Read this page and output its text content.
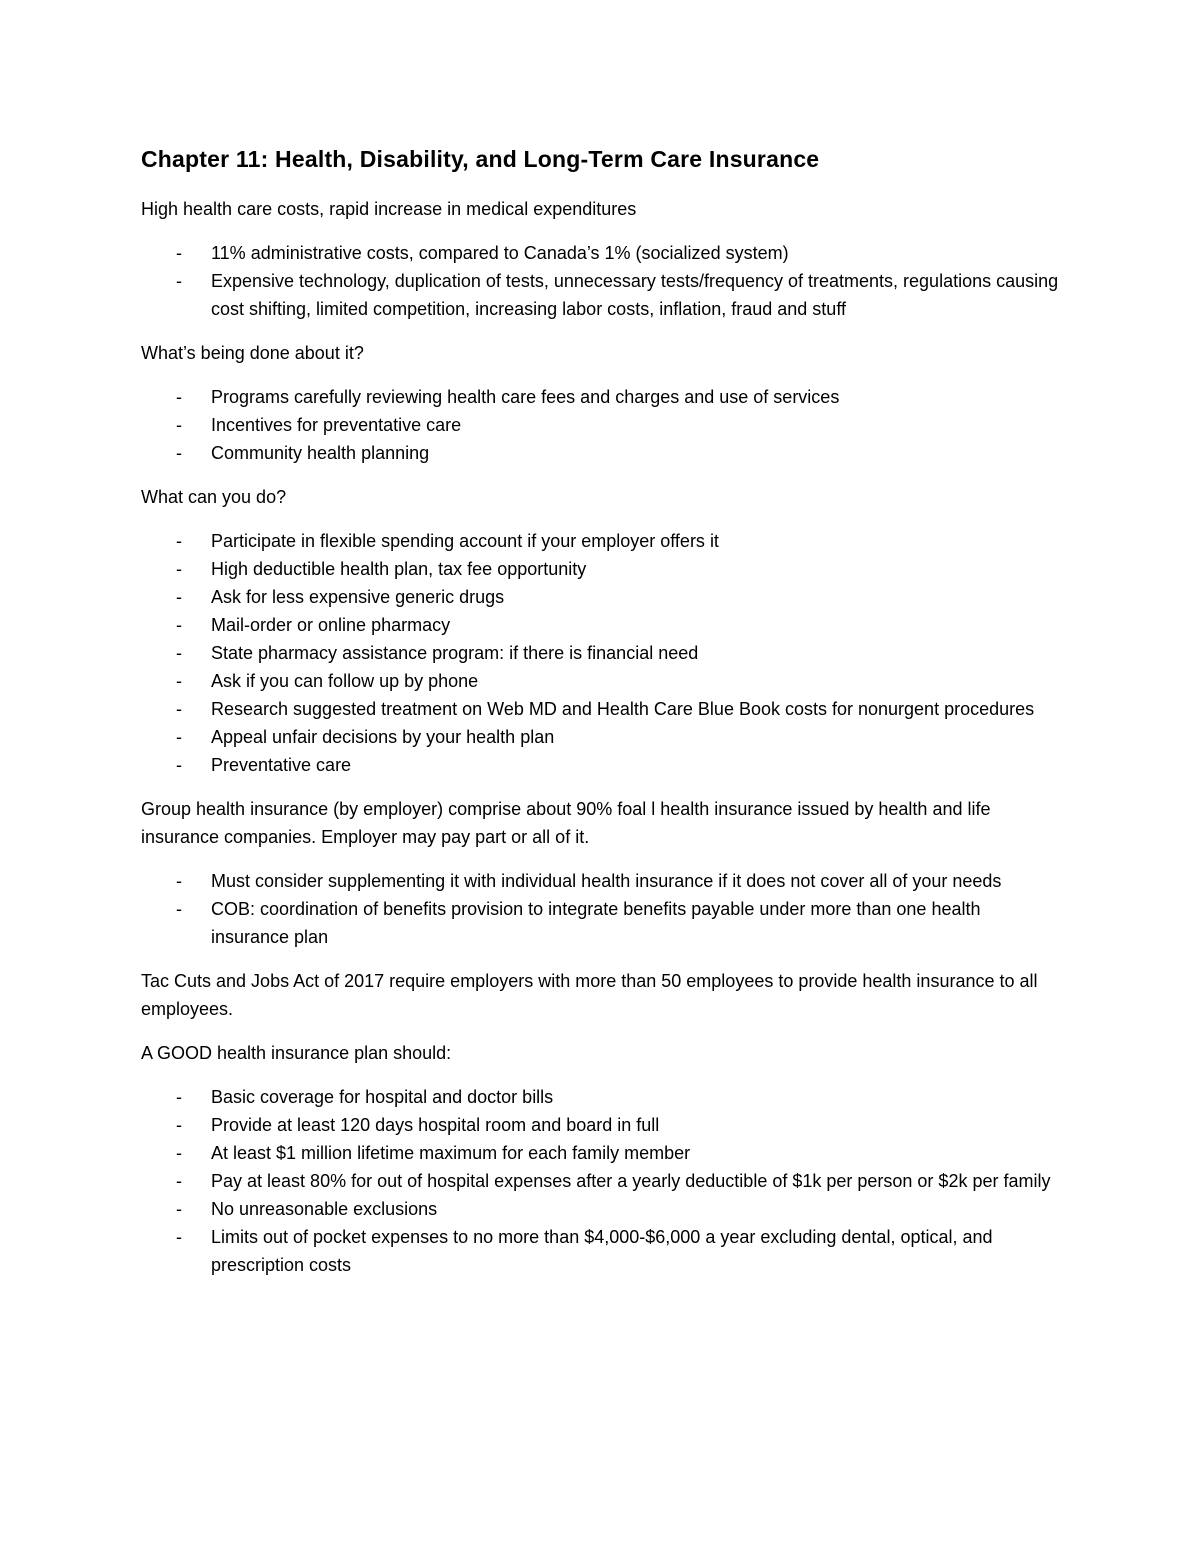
Chapter 11: Health, Disability, and Long-Term Care Insurance

High health care costs, rapid increase in medical expenditures

- 11% administrative costs, compared to Canada’s 1% (socialized system)
- Expensive technology, duplication of tests, unnecessary tests/frequency of treatments, regulations causing cost shifting, limited competition, increasing labor costs, inflation, fraud and stuff

What’s being done about it?

- Programs carefully reviewing health care fees and charges and use of services
- Incentives for preventative care
- Community health planning

What can you do?

- Participate in flexible spending account if your employer offers it
- High deductible health plan, tax fee opportunity
- Ask for less expensive generic drugs
- Mail-order or online pharmacy
- State pharmacy assistance program: if there is financial need
- Ask if you can follow up by phone
- Research suggested treatment on Web MD and Health Care Blue Book costs for nonurgent procedures
- Appeal unfair decisions by your health plan
- Preventative care

Group health insurance (by employer) comprise about 90% foal l health insurance issued by health and life insurance companies. Employer may pay part or all of it.

- Must consider supplementing it with individual health insurance if it does not cover all of your needs
- COB: coordination of benefits provision to integrate benefits payable under more than one health insurance plan

Tac Cuts and Jobs Act of 2017 require employers with more than 50 employees to provide health insurance to all employees.

A GOOD health insurance plan should:

- Basic coverage for hospital and doctor bills
- Provide at least 120 days hospital room and board in full
- At least $1 million lifetime maximum for each family member
- Pay at least 80% for out of hospital expenses after a yearly deductible of $1k per person or $2k per family
- No unreasonable exclusions
- Limits out of pocket expenses to no more than $4,000-$6,000 a year excluding dental, optical, and prescription costs
